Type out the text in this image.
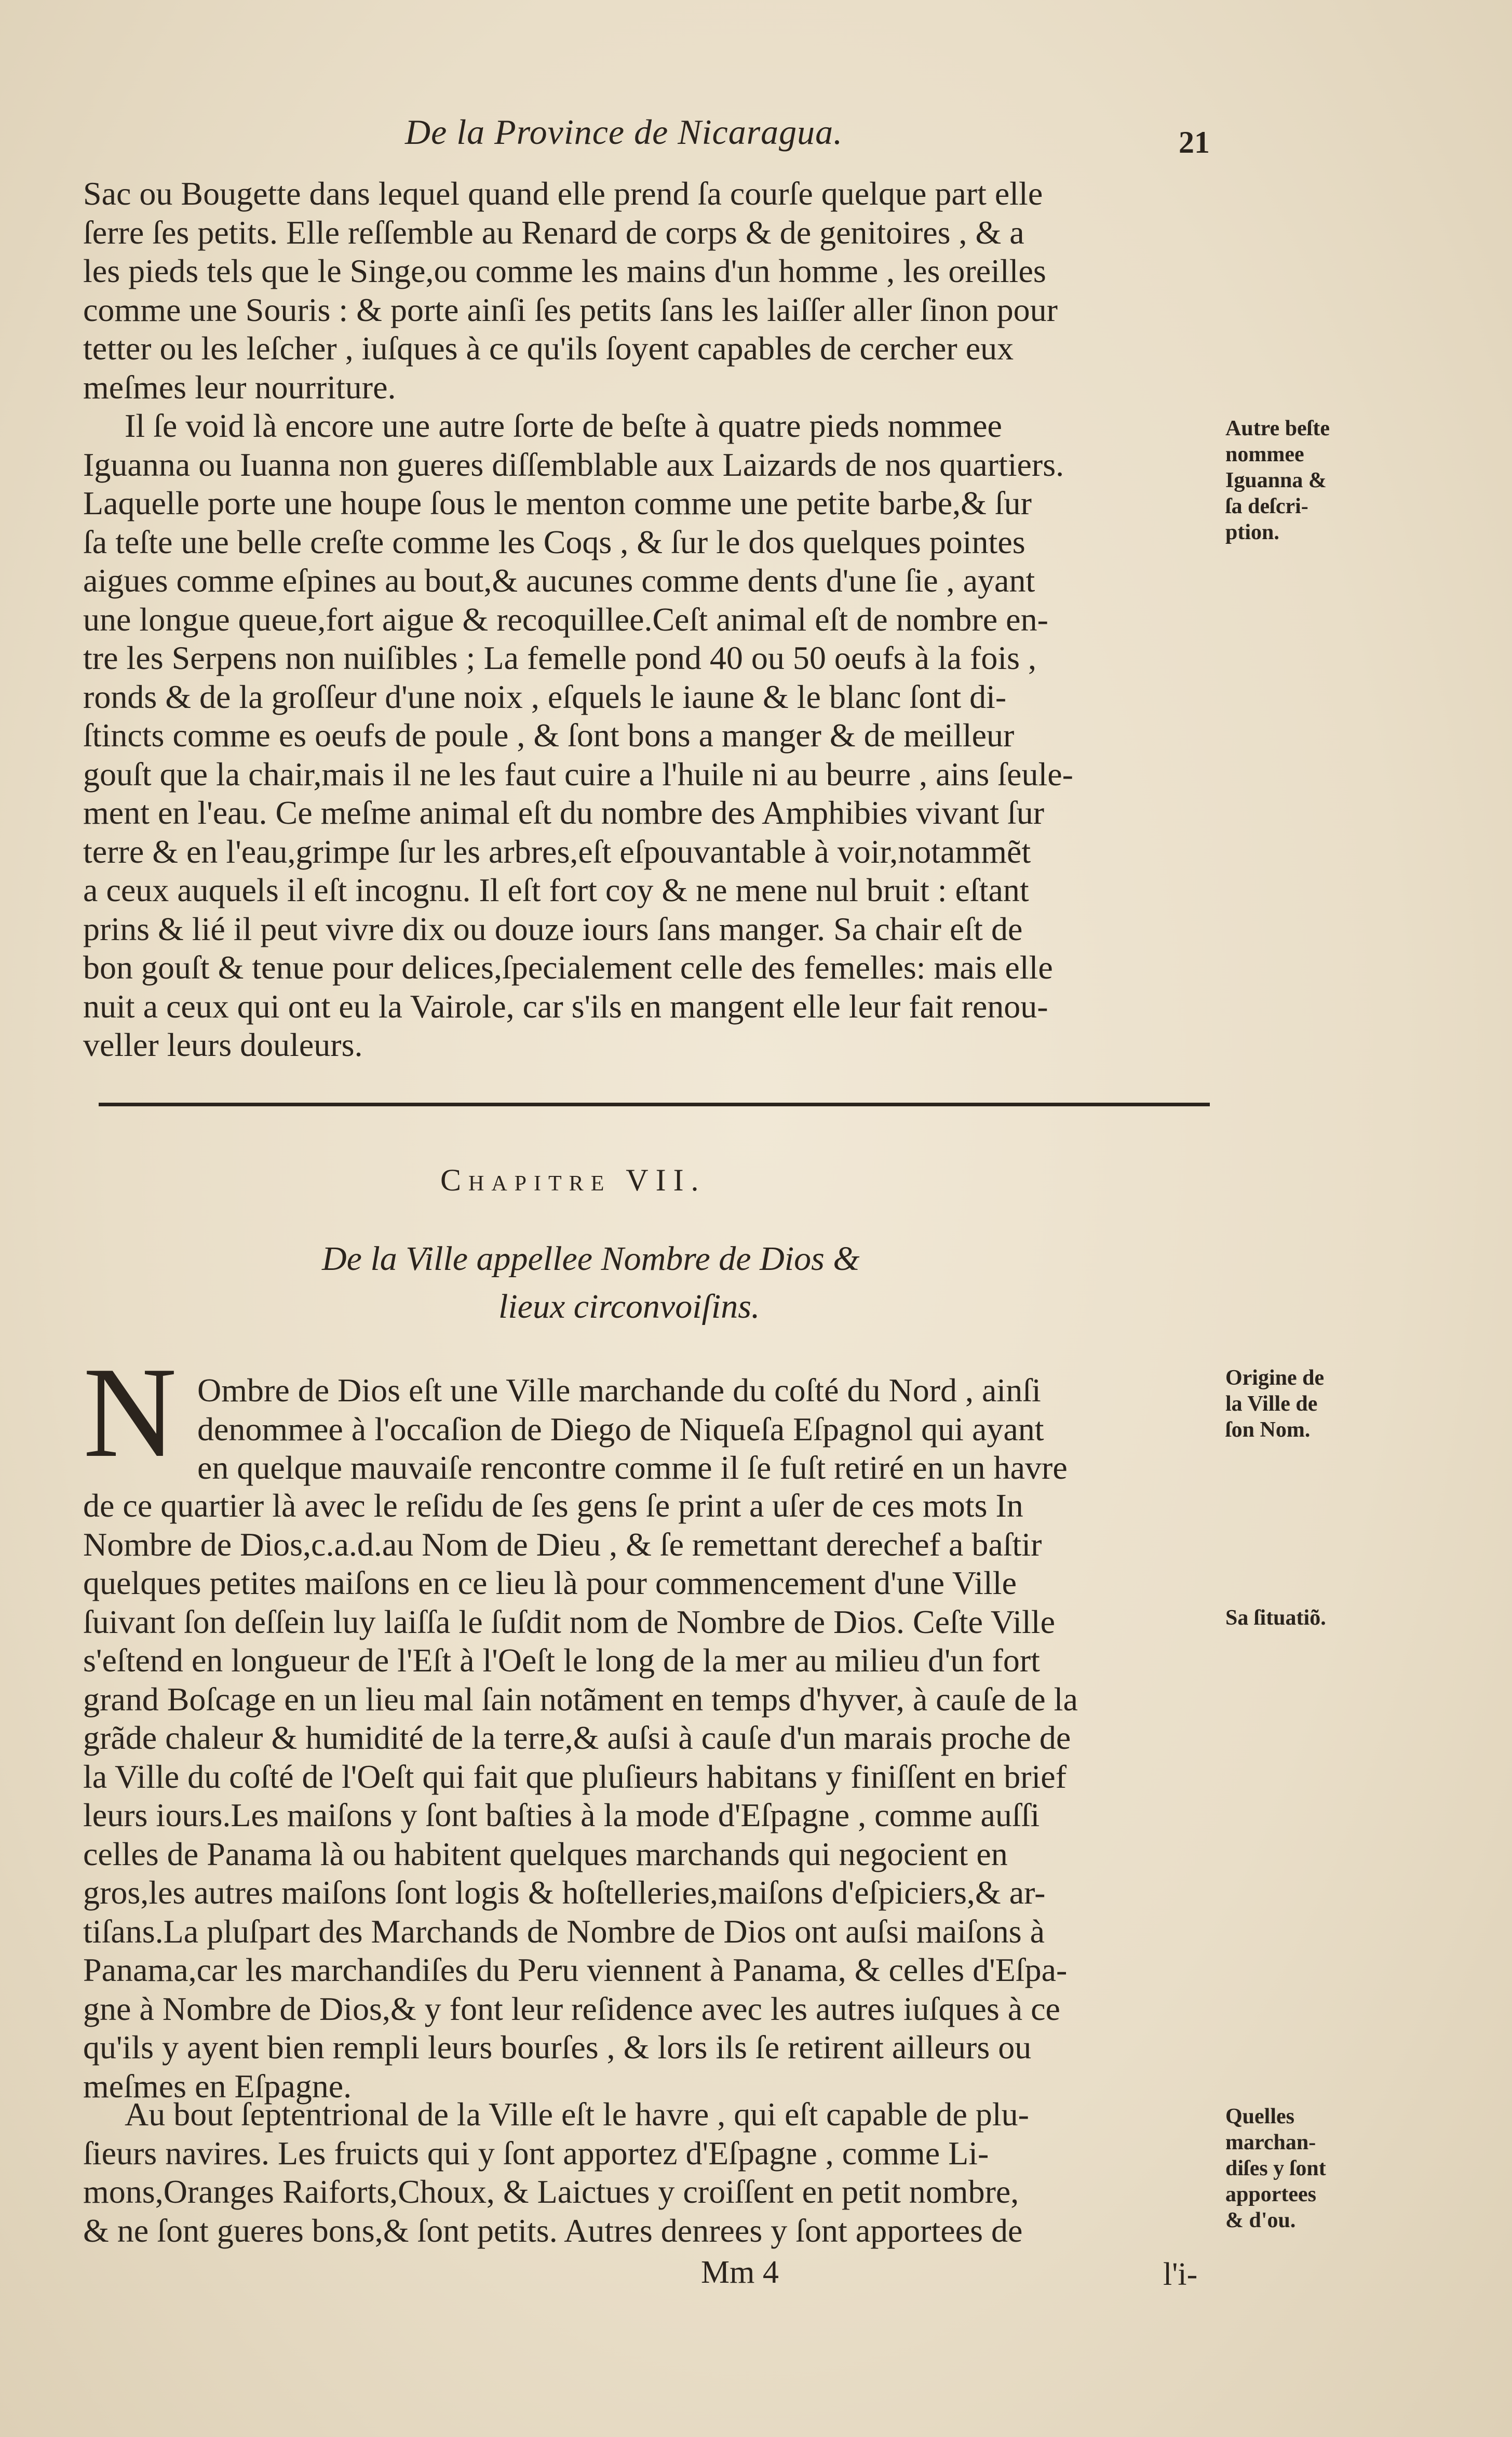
De la Province de Nicaragua.	21

Sac ou Bougette dans lequel quand elle prend ſa courſe quelque part elle
ſerre ſes petits. Elle reſſemble au Renard de corps & de genitoires , & a
les pieds tels que le Singe,ou comme les mains d'un homme , les oreilles
comme une Souris : & porte ainſi ſes petits ſans les laiſſer aller ſinon pour
tetter ou les leſcher , iuſques à ce qu'ils ſoyent capables de cercher eux
meſmes leur nourriture.

Il ſe void là encore une autre ſorte de beſte à quatre pieds nommee
Iguanna ou Iuanna non gueres diſſemblable aux Laizards de nos quartiers.
Laquelle porte une houpe ſous le menton comme une petite barbe,& ſur
ſa teſte une belle creſte comme les Coqs , & ſur le dos quelques pointes
aigues comme eſpines au bout,& aucunes comme dents d'une ſie , ayant
une longue queue,fort aigue & recoquillee.Ceſt animal eſt de nombre en-
tre les Serpens non nuiſibles ; La femelle pond 40 ou 50 oeufs à la fois ,
ronds & de la groſſeur d'une noix , eſquels le iaune & le blanc ſont di-
ſtincts comme es oeufs de poule , & ſont bons a manger & de meilleur
gouſt que la chair,mais il ne les faut cuire a l'huile ni au beurre , ains ſeule-
ment en l'eau. Ce meſme animal eſt du nombre des Amphibies vivant ſur
terre & en l'eau,grimpe ſur les arbres,eſt eſpouvantable à voir,notammẽt
a ceux auquels il eſt incognu. Il eſt fort coy & ne mene nul bruit : eſtant
prins & lié il peut vivre dix ou douze iours ſans manger. Sa chair eſt de
bon gouſt & tenue pour delices,ſpecialement celle des femelles: mais elle
nuit a ceux qui ont eu la Vairole, car s'ils en mangent elle leur fait renou-
veller leurs douleurs.

Autre beſte
nommee
Iguanna &
ſa deſcri-
ption.
Chapitre VII.
De la Ville appellee Nombre de Dios &
lieux circonvoiſins.
N Ombre de Dios eſt une Ville marchande du coſté du Nord , ainſi
denommee à l'occaſion de Diego de Niqueſa Eſpagnol qui ayant
en quelque mauvaiſe rencontre comme il ſe fuſt retiré en un havre
de ce quartier là avec le reſidu de ſes gens ſe print a uſer de ces mots In
Nombre de Dios,c.a.d.au Nom de Dieu , & ſe remettant derechef a baſtir
quelques petites maiſons en ce lieu là pour commencement d'une Ville
ſuivant ſon deſſein luy laiſſa le ſuſdit nom de Nombre de Dios. Ceſte Ville
s'eſtend en longueur de l'Eſt à l'Oeſt le long de la mer au milieu d'un fort
grand Boſcage en un lieu mal ſain notãment en temps d'hyver, à cauſe de la
grãde chaleur & humidité de la terre,& auſsi à cauſe d'un marais proche de
la Ville du coſté de l'Oeſt qui fait que pluſieurs habitans y finiſſent en brief
leurs iours.Les maiſons y ſont baſties à la mode d'Eſpagne , comme auſſi
celles de Panama là ou habitent quelques marchands qui negocient en
gros,les autres maiſons ſont logis & hoſtelleries,maiſons d'eſpiciers,& ar-
tiſans.La pluſpart des Marchands de Nombre de Dios ont auſsi maiſons à
Panama,car les marchandiſes du Peru viennent à Panama, & celles d'Eſpa-
gne à Nombre de Dios,& y font leur reſidence avec les autres iuſques à ce
qu'ils y ayent bien rempli leurs bourſes , & lors ils ſe retirent ailleurs ou
meſmes en Eſpagne.
Origine de
la Ville de
ſon Nom.
Sa ſituatiõ.
Au bout ſeptentrional de la Ville eſt le havre , qui eſt capable de plu-
ſieurs navires. Les fruicts qui y ſont apportez d'Eſpagne , comme Li-
mons,Oranges Raiforts,Choux, & Laictues y croiſſent en petit nombre,
& ne ſont gueres bons,& ſont petits. Autres denrees y ſont apportees de
Quelles
marchan-
diſes y ſont
apportees
& d'ou.
Mm 4	l'i-
